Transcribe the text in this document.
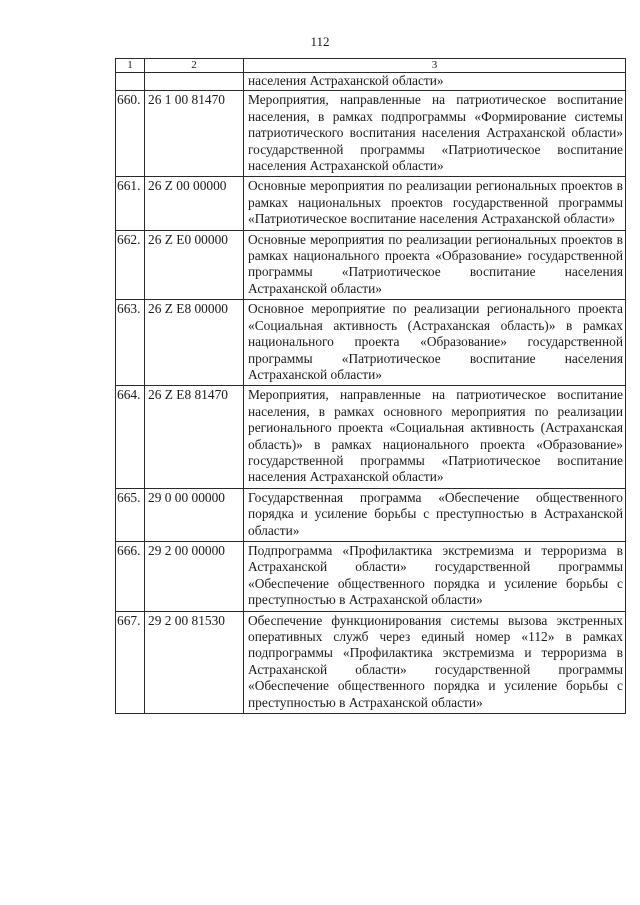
112
1	2	3
		населения Астраханской области»
660.	26 1 00 81470	Мероприятия, направленные на патриотическое воспитание населения, в рамках подпрограммы «Формирование системы патриотического воспитания населения Астраханской области» государственной программы «Патриотическое воспитание населения Астраханской области»
661.	26 Z 00 00000	Основные мероприятия по реализации региональных проектов в рамках национальных проектов государственной программы «Патриотическое воспитание населения Астраханской области»
662.	26 Z E0 00000	Основные мероприятия по реализации региональных проектов в рамках национального проекта «Образование» государственной программы «Патриотическое воспитание населения Астраханской области»
663.	26 Z E8 00000	Основное мероприятие по реализации регионального проекта «Социальная активность (Астраханская область)» в рамках национального проекта «Образование» государственной программы «Патриотическое воспитание населения Астраханской области»
664.	26 Z E8 81470	Мероприятия, направленные на патриотическое воспитание населения, в рамках основного мероприятия по реализации регионального проекта «Социальная активность (Астраханская область)» в рамках национального проекта «Образование» государственной программы «Патриотическое воспитание населения Астраханской области»
665.	29 0 00 00000	Государственная программа «Обеспечение общественного порядка и усиление борьбы с преступностью в Астраханской области»
666.	29 2 00 00000	Подпрограмма «Профилактика экстремизма и терроризма в Астраханской области» государственной программы «Обеспечение общественного порядка и усиление борьбы с преступностью в Астраханской области»
667.	29 2 00 81530	Обеспечение функционирования системы вызова экстренных оперативных служб через единый номер «112» в рамках подпрограммы «Профилактика экстремизма и терроризма в Астраханской области» государственной программы «Обеспечение общественного порядка и усиление борьбы с преступностью в Астраханской области»
